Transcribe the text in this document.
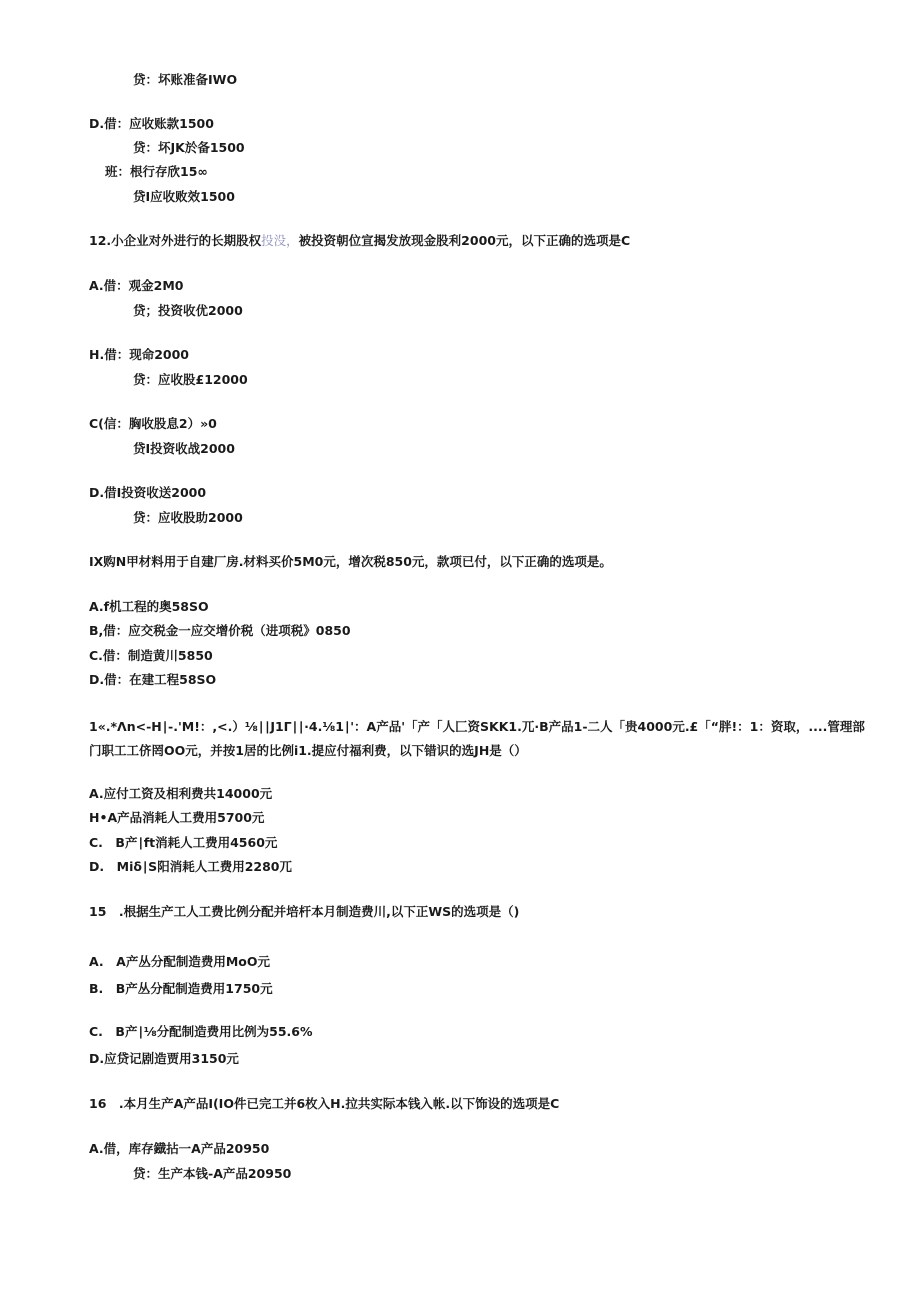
贷：坏账准备IWO
D.借：应收账款1500
贷：坏JK於备1500
班：根行存欣15∞
贷I应收败效1500
12.小企业对外进行的长期股权投没，被投资朝位宣揭发放现金股利2000元，以下正确的选项是C
A.借：观金2M0
贷；投资收优2000
H.借：现命2000
贷：应收股£12000
C(信：胸收股息2）»0
贷I投资收战2000
D.借I投资收送2000
贷：应收股助2000
IX购N甲材料用于自建厂房.材料买价5M0元，增次税850元，款项已付，以下正确的选项是。
A.f机工程的奥58SO
B,借：应交税金一应交增价税（进项税》0850
C.借：制造黄川5850
D.借：在建工程58SO
1«.*Λn<-H∣-.'M!：,<.）⅛∣∣J1Γ∣∣·4.⅛1∣'：A产品'「产「人匚资SKK1.兀·B产品1-二人「贵4000元.£「“胖!：1：资取，....管理部门职工工侪罔OO元，并按1居的比例i1.提应付福利费，以下错识的选JH是（）
A.应付工资及相利费共14000元
H•A产品消耗人工费用5700元
C.　B产∣ft消耗人工费用4560元
D.　Miδ∣S阳消耗人工费用2280兀
15　.根据生产工人工费比例分配并培杆本月制造费川,以下正WS的选项是（)
A.　A产丛分配制造费用MoO元
B.　B产丛分配制造费用1750元
C.　B产∣⅛分配制造费用比例为55.6%
D.应贷记剧造贾用3150元
16　.本月生产A产品I(IO件已完工并6枚入H.拉共实际本钱入帐.以下饰设的选项是C
A.借，库存鐡拈一A产品20950
贷：生产本钱-A产品20950
